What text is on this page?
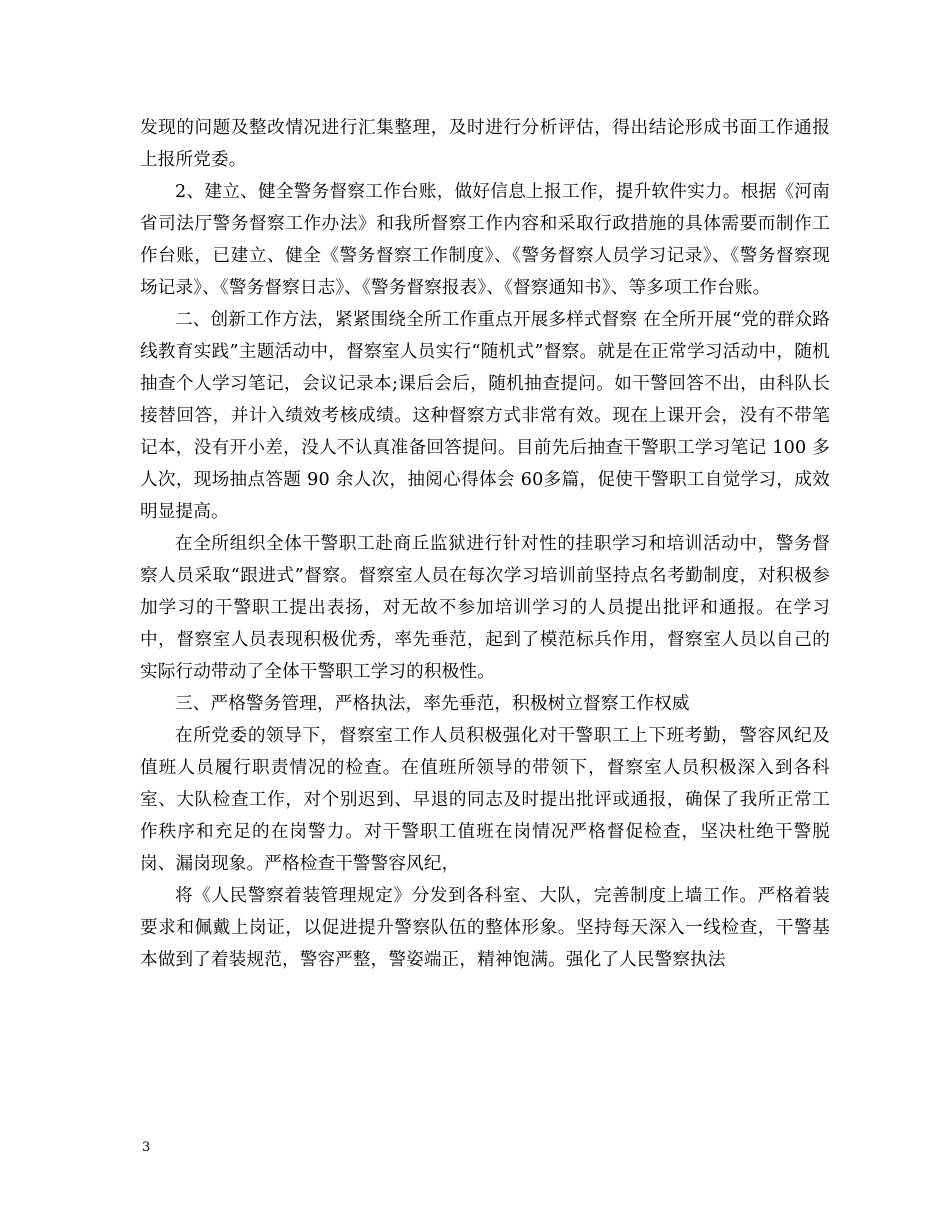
发现的问题及整改情况进行汇集整理，及时进行分析评估，得出结论形成书面工作通报上报所党委。

2、建立、健全警务督察工作台账，做好信息上报工作，提升软件实力。根据《河南省司法厅警务督察工作办法》和我所督察工作内容和采取行政措施的具体需要而制作工作台账，已建立、健全《警务督察工作制度》、《警务督察人员学习记录》、《警务督察现场记录》、《警务督察日志》、《警务督察报表》、《督察通知书》、等多项工作台账。

二、创新工作方法，紧紧围绕全所工作重点开展多样式督察 在全所开展“党的群众路线教育实践”主题活动中，督察室人员实行“随机式”督察。就是在正常学习活动中，随机抽查个人学习笔记，会议记录本;课后会后，随机抽查提问。如干警回答不出，由科队长接替回答，并计入绩效考核成绩。这种督察方式非常有效。现在上课开会，没有不带笔记本，没有开小差，没人不认真准备回答提问。目前先后抽查干警职工学习笔记 100 多人次，现场抽点答题 90 余人次，抽阅心得体会 60多篇，促使干警职工自觉学习，成效明显提高。

在全所组织全体干警职工赴商丘监狱进行针对性的挂职学习和培训活动中，警务督察人员采取“跟进式”督察。督察室人员在每次学习培训前坚持点名考勤制度，对积极参加学习的干警职工提出表扬，对无故不参加培训学习的人员提出批评和通报。在学习中，督察室人员表现积极优秀，率先垂范，起到了模范标兵作用，督察室人员以自己的实际行动带动了全体干警职工学习的积极性。

三、严格警务管理，严格执法，率先垂范，积极树立督察工作权威

在所党委的领导下，督察室工作人员积极强化对干警职工上下班考勤，警容风纪及值班人员履行职责情况的检查。在值班所领导的带领下，督察室人员积极深入到各科室、大队检查工作，对个别迟到、早退的同志及时提出批评或通报，确保了我所正常工作秩序和充足的在岗警力。对干警职工值班在岗情况严格督促检查，坚决杜绝干警脱岗、漏岗现象。严格检查干警警容风纪，

将《人民警察着装管理规定》分发到各科室、大队，完善制度上墙工作。严格着装要求和佩戴上岗证，以促进提升警察队伍的整体形象。坚持每天深入一线检查，干警基本做到了着装规范，警容严整，警姿端正，精神饱满。强化了人民警察执法

3
